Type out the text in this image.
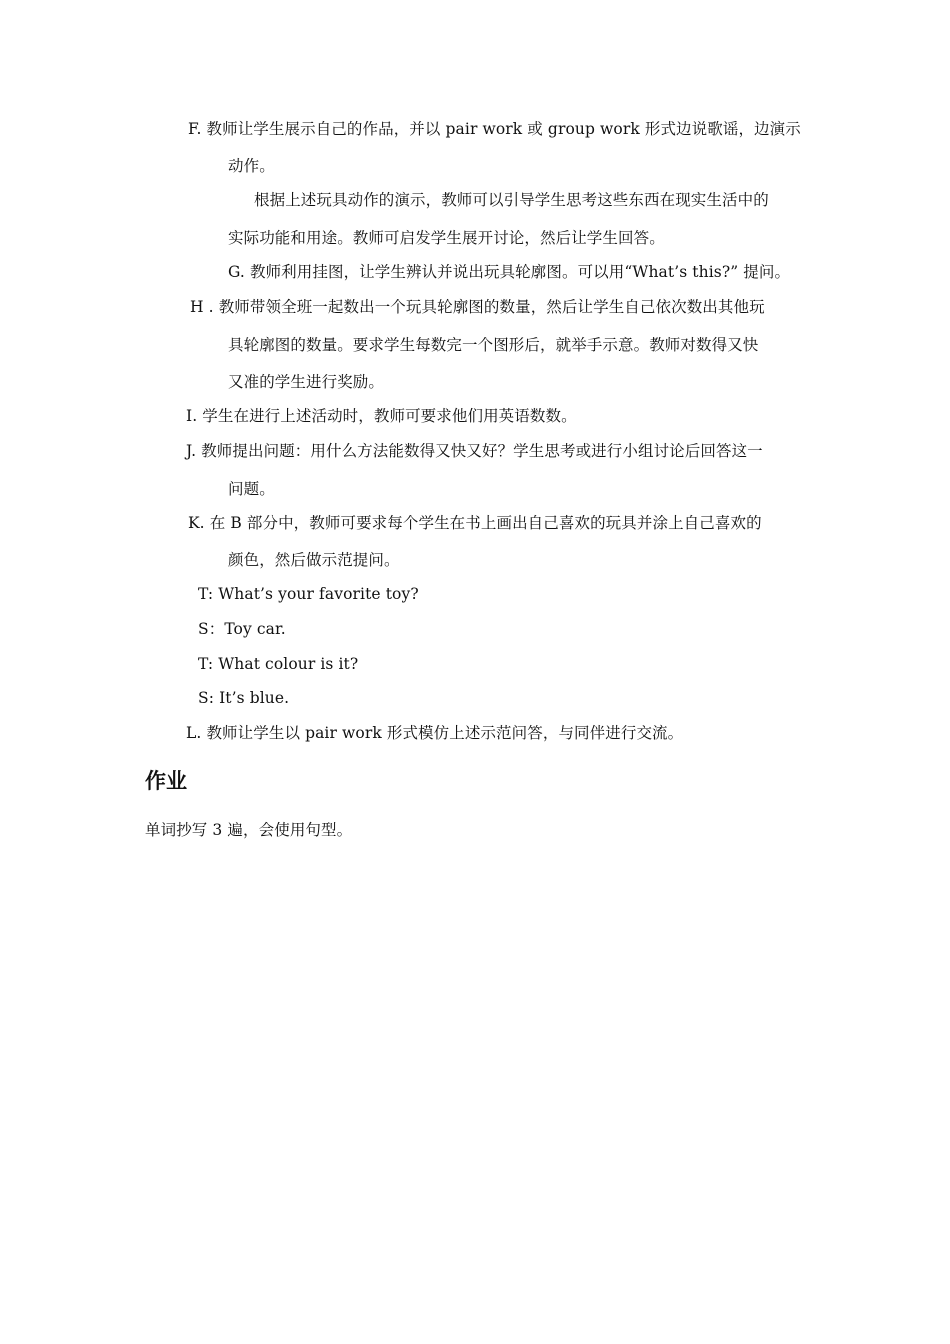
F. 教师让学生展示自己的作品，并以 pair work 或 group work 形式边说歌谣，边演示
动作。
根据上述玩具动作的演示，教师可以引导学生思考这些东西在现实生活中的
实际功能和用途。教师可启发学生展开讨论，然后让学生回答。
G. 教师利用挂图，让学生辨认并说出玩具轮廓图。可以用“What’s this?” 提问。
H . 教师带领全班一起数出一个玩具轮廓图的数量，然后让学生自己依次数出其他玩
具轮廓图的数量。要求学生每数完一个图形后，就举手示意。教师对数得又快
又准的学生进行奖励。
I. 学生在进行上述活动时，教师可要求他们用英语数数。
J. 教师提出问题：用什么方法能数得又快又好？学生思考或进行小组讨论后回答这一
问题。
K. 在 B 部分中，教师可要求每个学生在书上画出自己喜欢的玩具并涂上自己喜欢的
颜色，然后做示范提问。
T: What’s your favorite toy?
S：Toy car.
T: What colour is it?
S: It’s blue.
L. 教师让学生以 pair work 形式模仿上述示范问答，与同伴进行交流。
作业
单词抄写 3 遍，会使用句型。
